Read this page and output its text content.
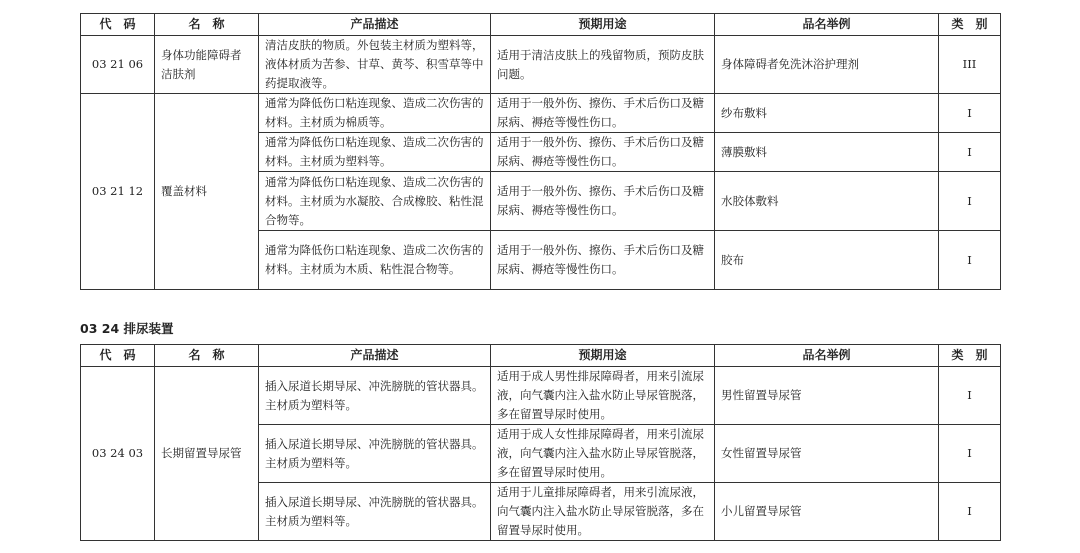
代　码	名　称	产品描述	预期用途	品名举例	类　别
03 21 06	身体功能障碍者洁肤剂	清洁皮肤的物质。外包装主材质为塑料等，液体材质为苦参、甘草、黄芩、积雪草等中药提取液等。	适用于清洁皮肤上的残留物质，预防皮肤问题。	身体障碍者免洗沐浴护理剂	III
03 21 12	覆盖材料	通常为降低伤口粘连现象、造成二次伤害的材料。主材质为棉质等。	适用于一般外伤、擦伤、手术后伤口及糖尿病、褥疮等慢性伤口。	纱布敷料	I
		通常为降低伤口粘连现象、造成二次伤害的材料。主材质为塑料等。	适用于一般外伤、擦伤、手术后伤口及糖尿病、褥疮等慢性伤口。	薄膜敷料	I
		通常为降低伤口粘连现象、造成二次伤害的材料。主材质为水凝胶、合成橡胶、粘性混合物等。	适用于一般外伤、擦伤、手术后伤口及糖尿病、褥疮等慢性伤口。	水胶体敷料	I
		通常为降低伤口粘连现象、造成二次伤害的材料。主材质为木质、粘性混合物等。	适用于一般外伤、擦伤、手术后伤口及糖尿病、褥疮等慢性伤口。	胶布	I
03 24 排尿装置
代　码	名　称	产品描述	预期用途	品名举例	类　别
03 24 03	长期留置导尿管	插入尿道长期导尿、冲洗膀胱的管状器具。主材质为塑料等。	适用于成人男性排尿障碍者，用来引流尿液，向气囊内注入盐水防止导尿管脱落，多在留置导尿时使用。	男性留置导尿管	I
		插入尿道长期导尿、冲洗膀胱的管状器具。主材质为塑料等。	适用于成人女性排尿障碍者，用来引流尿液，向气囊内注入盐水防止导尿管脱落，多在留置导尿时使用。	女性留置导尿管	I
		插入尿道长期导尿、冲洗膀胱的管状器具。主材质为塑料等。	适用于儿童排尿障碍者，用来引流尿液，向气囊内注入盐水防止导尿管脱落，多在留置导尿时使用。	小儿留置导尿管	I
